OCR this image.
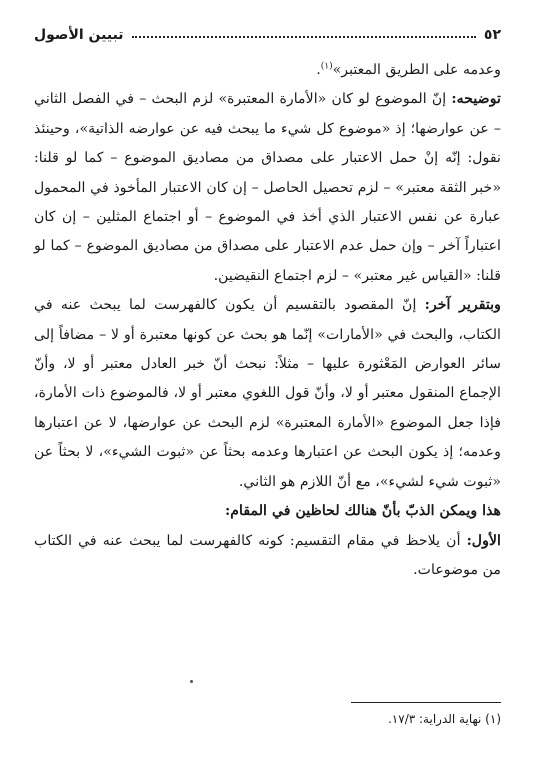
٥٢
تبيين الأصول

وعدمه على الطريق المعتبر»$^{(١)}$.

توضيحه: إنّ الموضوع لو كان «الأمارة المعتبرة» لزم البحث – في الفصل الثاني – عن عوارضها؛ إذ «موضوع كل شيء ما يبحث فيه عن عوارضه الذاتية»، وحينئذ نقول: إنّه إنْ حمل الاعتبار على مصداق من مصاديق الموضوع – كما لو قلنا: «خبر الثقة معتبر» – لزم تحصيل الحاصل – إن كان الاعتبار المأخوذ في المحمول عبارة عن نفس الاعتبار الذي أخذ في الموضوع – أو اجتماع المثلين – إن كان اعتباراً آخر – وإن حمل عدم الاعتبار على مصداق من مصاديق الموضوع – كما لو قلنا: «القياس غير معتبر» – لزم اجتماع النقيضين.

وبتقرير آخر: إنّ المقصود بالتقسيم أن يكون كالفهرست لما يبحث عنه في الكتاب، والبحث في «الأمارات» إنّما هو بحث عن كونها معتبرة أو لا – مضافاً إلى سائر العوارض المَعْثورة عليها – مثلاً: نبحث أنّ خبر العادل معتبر أو لا، وأنّ الإجماع المنقول معتبر أو لا، وأنّ قول اللغوي معتبر أو لا، فالموضوع ذات الأمارة، فإذا جعل الموضوع «الأمارة المعتبرة» لزم البحث عن عوارضها، لا عن اعتبارها وعدمه؛ إذ يكون البحث عن اعتبارها وعدمه بحثاً عن «ثبوت الشيء»، لا بحثاً عن «ثبوت شيء لشيء»، مع أنّ اللازم هو الثاني.

هذا ويمكن الذبّ بأنّ هنالك لحاظين في المقام:

الأول: أن يلاحظ في مقام التقسيم: كونه كالفهرست لما يبحث عنه في الكتاب من موضوعات.

(١) نهاية الدراية: ١٧/٣.
